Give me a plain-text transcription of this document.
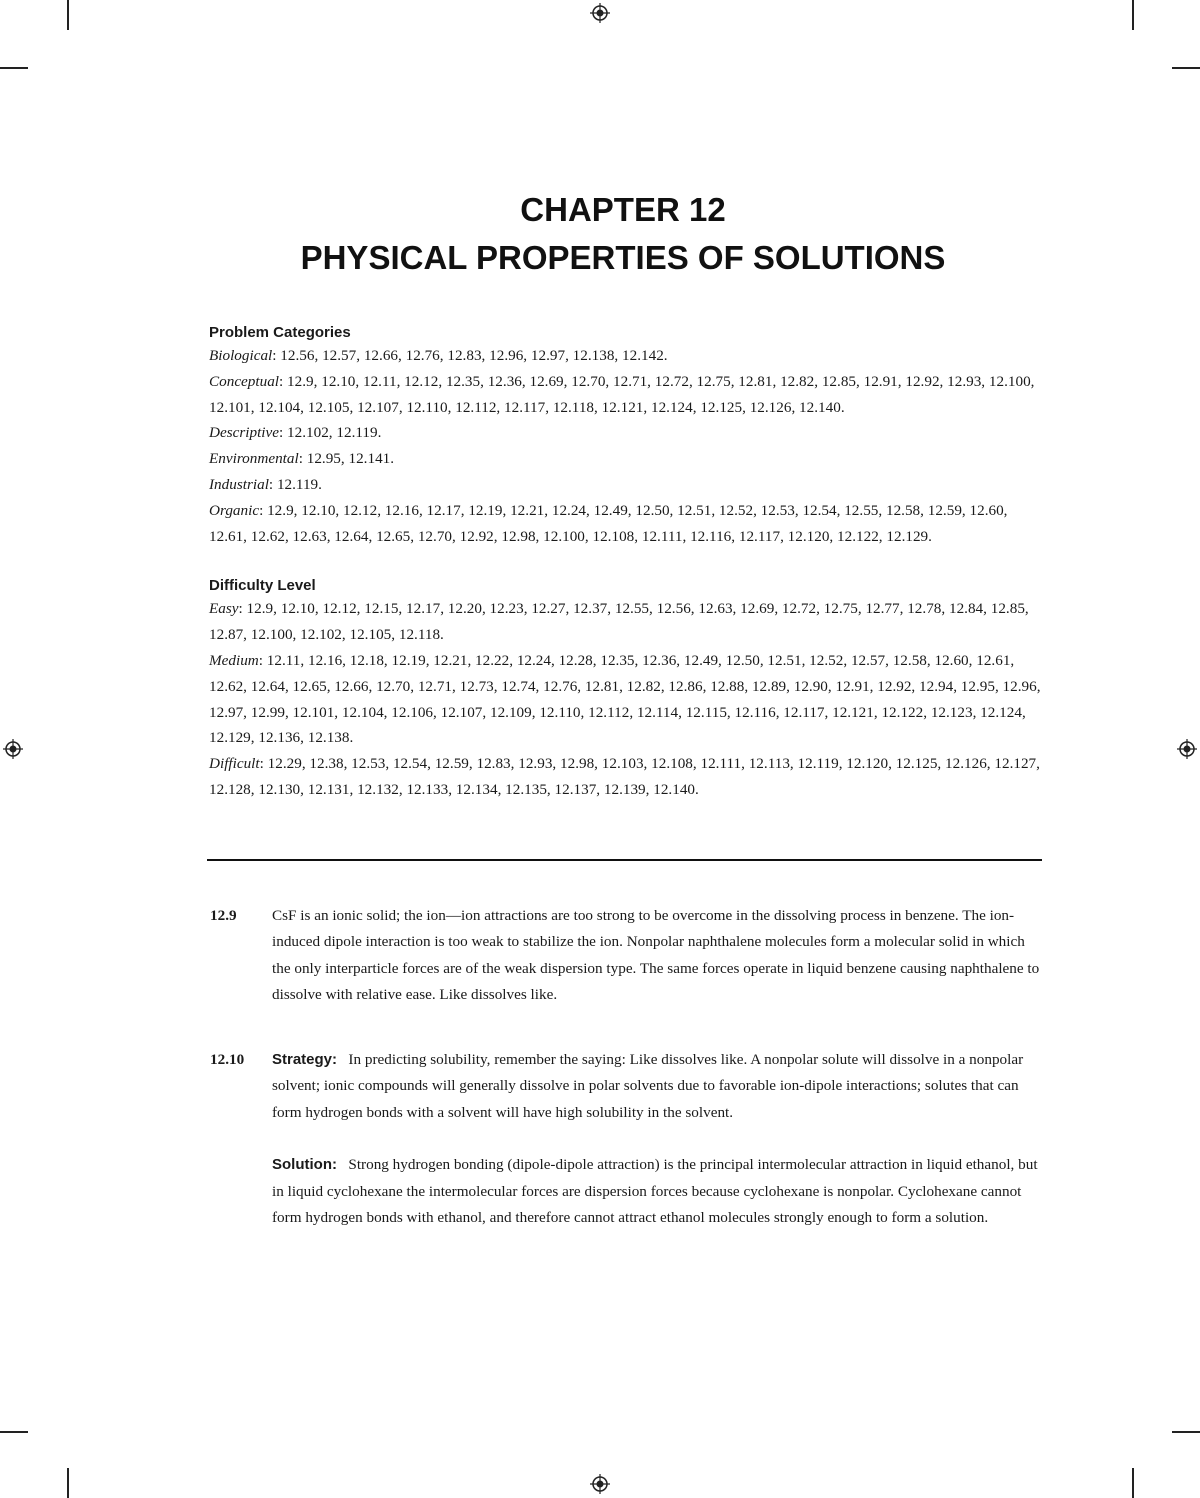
CHAPTER 12
PHYSICAL PROPERTIES OF SOLUTIONS
Problem Categories

Biological: 12.56, 12.57, 12.66, 12.76, 12.83, 12.96, 12.97, 12.138, 12.142.

Conceptual: 12.9, 12.10, 12.11, 12.12, 12.35, 12.36, 12.69, 12.70, 12.71, 12.72, 12.75, 12.81, 12.82, 12.85, 12.91, 12.92, 12.93, 12.100, 12.101, 12.104, 12.105, 12.107, 12.110, 12.112, 12.117, 12.118, 12.121, 12.124, 12.125, 12.126, 12.140.

Descriptive: 12.102, 12.119.

Environmental: 12.95, 12.141.

Industrial: 12.119.

Organic: 12.9, 12.10, 12.12, 12.16, 12.17, 12.19, 12.21, 12.24, 12.49, 12.50, 12.51, 12.52, 12.53, 12.54, 12.55, 12.58, 12.59, 12.60, 12.61, 12.62, 12.63, 12.64, 12.65, 12.70, 12.92, 12.98, 12.100, 12.108, 12.111, 12.116, 12.117, 12.120, 12.122, 12.129.

Difficulty Level

Easy: 12.9, 12.10, 12.12, 12.15, 12.17, 12.20, 12.23, 12.27, 12.37, 12.55, 12.56, 12.63, 12.69, 12.72, 12.75, 12.77, 12.78, 12.84, 12.85, 12.87, 12.100, 12.102, 12.105, 12.118.

Medium: 12.11, 12.16, 12.18, 12.19, 12.21, 12.22, 12.24, 12.28, 12.35, 12.36, 12.49, 12.50, 12.51, 12.52, 12.57, 12.58, 12.60, 12.61, 12.62, 12.64, 12.65, 12.66, 12.70, 12.71, 12.73, 12.74, 12.76, 12.81, 12.82, 12.86, 12.88, 12.89, 12.90, 12.91, 12.92, 12.94, 12.95, 12.96, 12.97, 12.99, 12.101, 12.104, 12.106, 12.107, 12.109, 12.110, 12.112, 12.114, 12.115, 12.116, 12.117, 12.121, 12.122, 12.123, 12.124, 12.129, 12.136, 12.138.

Difficult: 12.29, 12.38, 12.53, 12.54, 12.59, 12.83, 12.93, 12.98, 12.103, 12.108, 12.111, 12.113, 12.119, 12.120, 12.125, 12.126, 12.127, 12.128, 12.130, 12.131, 12.132, 12.133, 12.134, 12.135, 12.137, 12.139, 12.140.

12.9 CsF is an ionic solid; the ion—ion attractions are too strong to be overcome in the dissolving process in benzene. The ion-induced dipole interaction is too weak to stabilize the ion. Nonpolar naphthalene molecules form a molecular solid in which the only interparticle forces are of the weak dispersion type. The same forces operate in liquid benzene causing naphthalene to dissolve with relative ease. Like dissolves like.

12.10 Strategy: In predicting solubility, remember the saying: Like dissolves like. A nonpolar solute will dissolve in a nonpolar solvent; ionic compounds will generally dissolve in polar solvents due to favorable ion-dipole interactions; solutes that can form hydrogen bonds with a solvent will have high solubility in the solvent.

Solution: Strong hydrogen bonding (dipole-dipole attraction) is the principal intermolecular attraction in liquid ethanol, but in liquid cyclohexane the intermolecular forces are dispersion forces because cyclohexane is nonpolar. Cyclohexane cannot form hydrogen bonds with ethanol, and therefore cannot attract ethanol molecules strongly enough to form a solution.
